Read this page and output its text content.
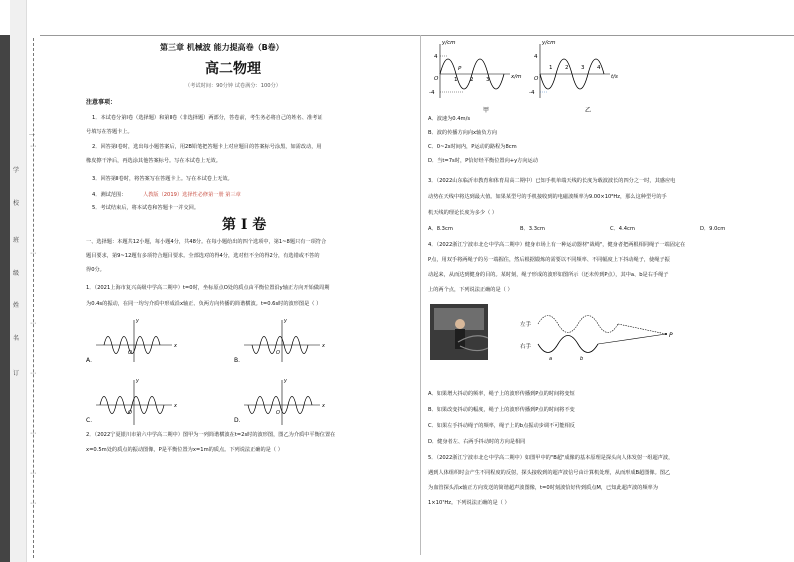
学
校
班
级
姓
名
订
…
⋯
⋯
⋯
⋯
⋯
⋯
⋯
第三章 机械波 能力提高卷（B卷）
高二物理
（考试时间：90分钟 试卷满分：100分）
注意事项：
1．本试卷分第Ⅰ卷（选择题）和第Ⅱ卷（非选择题）两部分，答卷前，考生务必将自己的姓名、准考证
号填写在答题卡上。
2．回答第Ⅰ卷时，选出每小题答案后，用2B铅笔把答题卡上对应题目的答案标号涂黑，如需改动，用
橡皮擦干净后，再选涂其他答案标号。写在本试卷上无效。
3．回答第Ⅱ卷时，将答案写在答题卡上。写在本试卷上无效。
4．测试范围：	人教版（2019）选择性必修第一册 第三章
5．考试结束后，将本试卷和答题卡一并交回。
第 Ⅰ 卷
一、选择题：本题共12小题，每小题4分，共48分。在每小题给出的四个选项中，第1~8题只有一项符合
题目要求，第9~12题有多项符合题目要求。全部选对的得4分，选对但不全的得2分，有选错或不答的
得0分。
1．（2021上海市复兴高级中学高二期中）t=0时，坐标原点O处的质点由平衡位置沿y轴正方向开始做周期
为0.4s的振动，在同一均匀介质中形成沿x轴正、负两方向传播的简谐横波。t=0.6s时的波形图是（ ）
O
x
y
A．
O
x
y
B．
O
x
y
C．
O
x
y
D．
2．（2022宁夏银川市第六中学高二期中）图甲为一列简谐横波在t=2s时的波形图，图乙为介质中平衡位置在
x=0.5m处的质点的振动图像，P是平衡位置为x=1m的质点。下列说法正确的是（ ）
y/cm
x/m
4
-4
O	1 2 3
P
y/cm
t/s
4
-4
O
1 2 3 4
甲	乙
A．波速为0.4m/s
B．波的传播方向向x轴负方向
C．0~2s时间内，P运动的路程为8cm
D．当t=7s时，P恰好经平衡位置向+y方向运动
3．（2022山东临沂市教育和体育局高二期中）已知手机单端天线的长度为载波波长的四分之一时，其感应电
动势在天线中将达到最大值。如果某型号的手机接收到的电磁波频率为9.00×10⁸Hz，那么这种型号的手
机天线的理论长度为多少（ ）
A．8.3cm	B．3.3cm	C．4.4cm	D．9.0cm
4．（2022浙江宁波市北仑中学高二期中）健身市场上有一种运动器材"战绳"，健身者把两根相同绳子一端固定在
P点，用双手将两绳子的另一端握住，然后根据锻炼的需要以不同频率、不同幅度上下抖动绳子，使绳子振
动起来，从而达到健身的目的。某时刻，绳子形成的波形如图所示（还未传到P点），其中a、b是右手绳子
上的两个点，下列说法正确的是（ ）
左手
右手
P
a	b
A．如果增大抖动的频率，绳子上的波形传播到P点的时间将变短
B．如果改变抖动的幅度，绳子上的波形传播到P点的时间将不变
C．如果左手抖动绳子的频率，绳子上的b点振动步调不可能相反
D．健身者左、右两手抖动时的方向是相同
5．（2022浙江宁波市北仑中学高二期中）如图甲中的"B超"成像的基本原理是探头向人体发射一组超声波，
遇到人体组织时会产生不同程度的反射，探头接收到的超声波信号由计算机处理，从而形成B超图像。图乙
为血管探头沿x轴正方向发送的简谐超声波图像，t=0时刻波恰好传到质点M，已知此超声波的频率为
1×10⁷Hz。下列说法正确的是（ ）
